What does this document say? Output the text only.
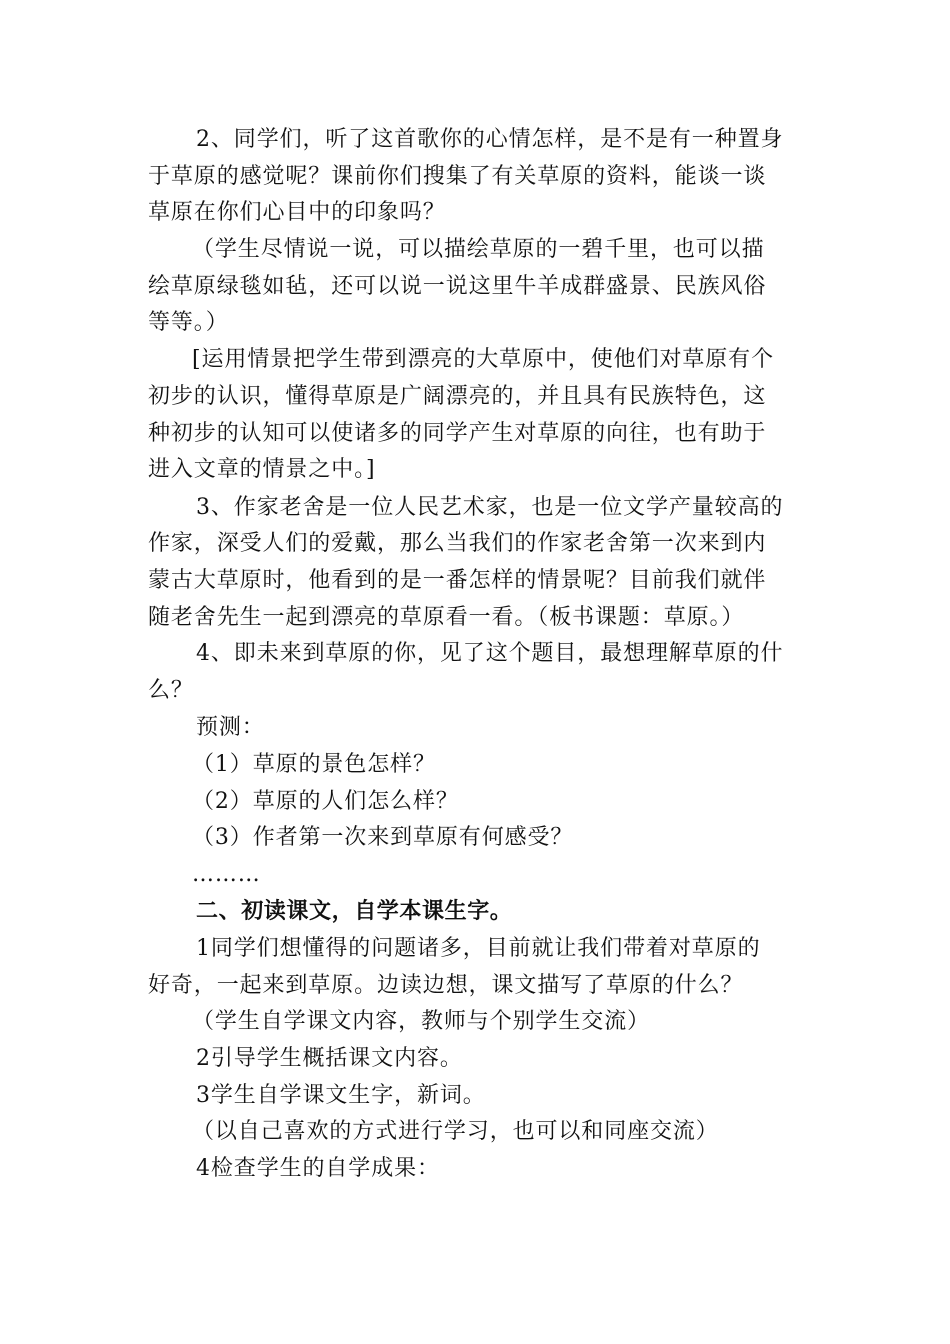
2、同学们，听了这首歌你的心情怎样，是不是有一种置身
于草原的感觉呢？课前你们搜集了有关草原的资料，能谈一谈
草原在你们心目中的印象吗？
（学生尽情说一说，可以描绘草原的一碧千里，也可以描
绘草原绿毯如毡，还可以说一说这里牛羊成群盛景、民族风俗
等等。）
[运用情景把学生带到漂亮的大草原中，使他们对草原有个
初步的认识，懂得草原是广阔漂亮的，并且具有民族特色，这
种初步的认知可以使诸多的同学产生对草原的向往，也有助于
进入文章的情景之中。]
3、作家老舍是一位人民艺术家，也是一位文学产量较高的
作家，深受人们的爱戴，那么当我们的作家老舍第一次来到内
蒙古大草原时，他看到的是一番怎样的情景呢？目前我们就伴
随老舍先生一起到漂亮的草原看一看。（板书课题：草原。）
4、即未来到草原的你，见了这个题目，最想理解草原的什
么？
预测：
（1）草原的景色怎样？
（2）草原的人们怎么样？
（3）作者第一次来到草原有何感受？
………
二、初读课文，自学本课生字。
1同学们想懂得的问题诸多，目前就让我们带着对草原的
好奇，一起来到草原。边读边想，课文描写了草原的什么？
（学生自学课文内容，教师与个别学生交流）
2引导学生概括课文内容。
3学生自学课文生字，新词。
（以自己喜欢的方式进行学习，也可以和同座交流）
4检查学生的自学成果：
